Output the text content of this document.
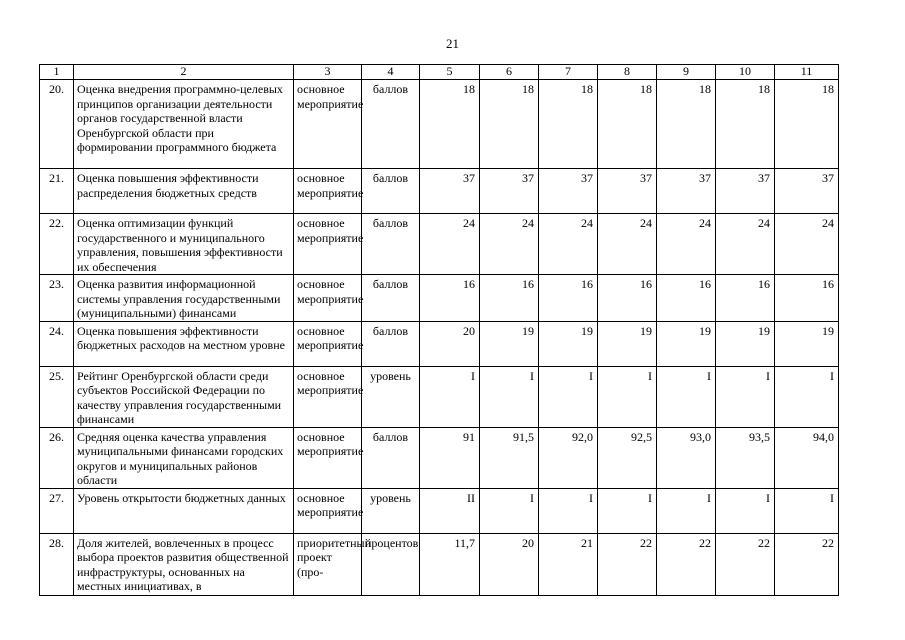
21
1	2	3	4	5	6	7	8	9	10	11
20.	Оценка внедрения программно-целевых принципов организации деятельности органов государственной власти Оренбургской области при формировании программного бюджета	основное мероприятие	баллов	18	18	18	18	18	18	18
21.	Оценка повышения эффективности распределения бюджетных средств	основное мероприятие	баллов	37	37	37	37	37	37	37
22.	Оценка оптимизации функций государственного и муниципального управления, повышения эффективности их обеспечения	основное мероприятие	баллов	24	24	24	24	24	24	24
23.	Оценка развития информационной системы управления государственными (муниципальными) финансами	основное мероприятие	баллов	16	16	16	16	16	16	16
24.	Оценка повышения эффективности бюджетных расходов на местном уровне	основное мероприятие	баллов	20	19	19	19	19	19	19
25.	Рейтинг Оренбургской области среди субъектов Российской Федерации по качеству управления государственными финансами	основное мероприятие	уровень	I	I	I	I	I	I	I
26.	Средняя оценка качества управления муниципальными финансами городских округов и муниципальных районов области	основное мероприятие	баллов	91	91,5	92,0	92,5	93,0	93,5	94,0
27.	Уровень открытости бюджетных данных	основное мероприятие	уровень	II	I	I	I	I	I	I
28.	Доля жителей, вовлеченных в процесс выбора проектов развития общественной инфраструктуры, основанных на местных инициативах, в	приоритетный проект (про-	процентов	11,7	20	21	22	22	22	22
